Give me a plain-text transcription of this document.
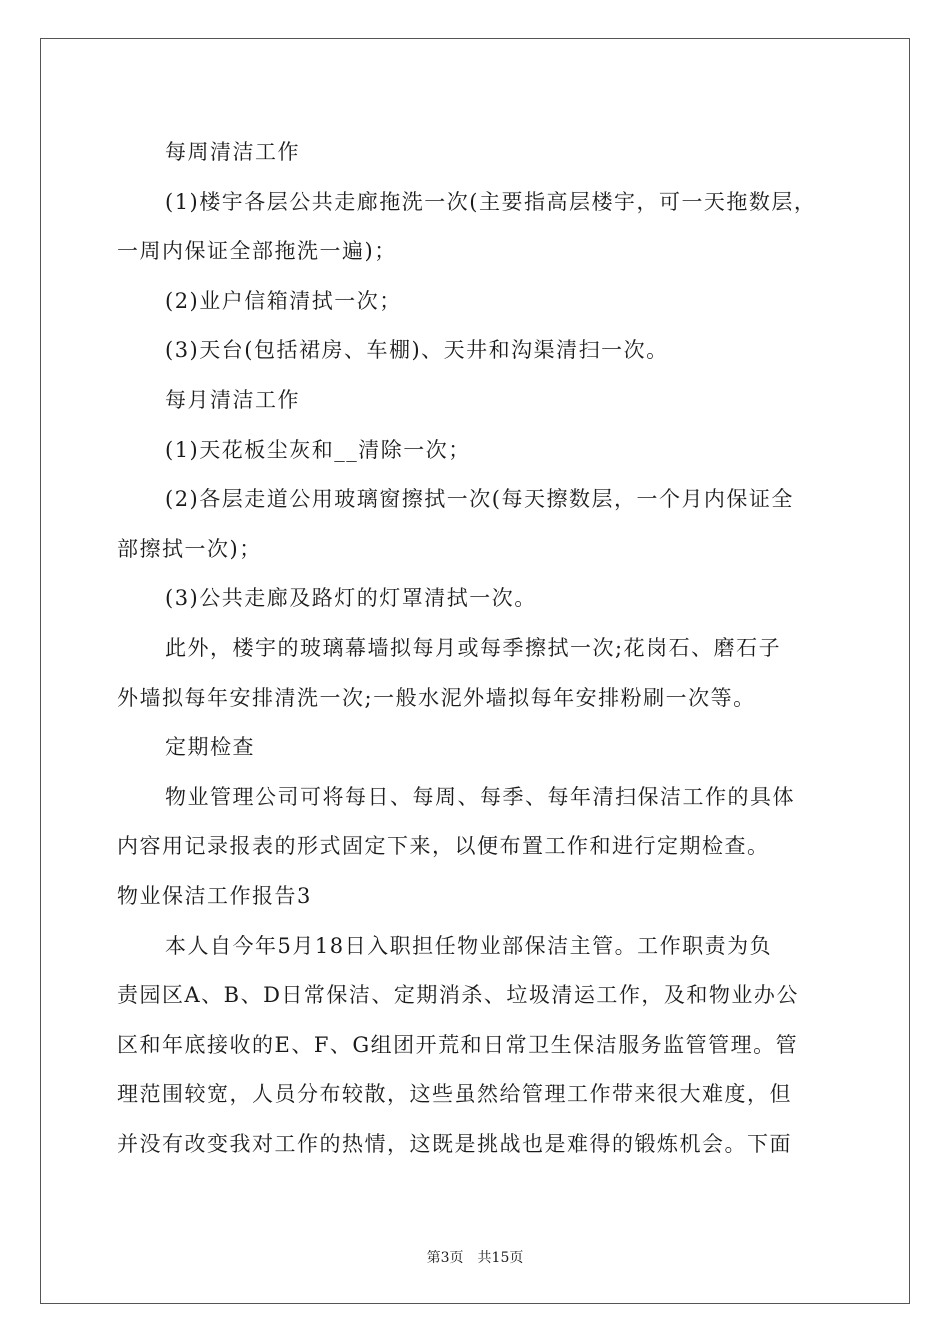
每周清洁工作
(1)楼宇各层公共走廊拖洗一次(主要指高层楼宇，可一天拖数层，
一周内保证全部拖洗一遍)；
(2)业户信箱清拭一次；
(3)天台(包括裙房、车棚)、天井和沟渠清扫一次。
每月清洁工作
(1)天花板尘灰和__清除一次；
(2)各层走道公用玻璃窗擦拭一次(每天擦数层，一个月内保证全
部擦拭一次)；
(3)公共走廊及路灯的灯罩清拭一次。
此外，楼宇的玻璃幕墙拟每月或每季擦拭一次;花岗石、磨石子
外墙拟每年安排清洗一次;一般水泥外墙拟每年安排粉刷一次等。
定期检查
物业管理公司可将每日、每周、每季、每年清扫保洁工作的具体
内容用记录报表的形式固定下来，以便布置工作和进行定期检查。
物业保洁工作报告3
本人自今年5月18日入职担任物业部保洁主管。工作职责为负
责园区A、B、D日常保洁、定期消杀、垃圾清运工作，及和物业办公
区和年底接收的E、F、G组团开荒和日常卫生保洁服务监管管理。管
理范围较宽，人员分布较散，这些虽然给管理工作带来很大难度，但
并没有改变我对工作的热情，这既是挑战也是难得的锻炼机会。下面
第3页 共15页
